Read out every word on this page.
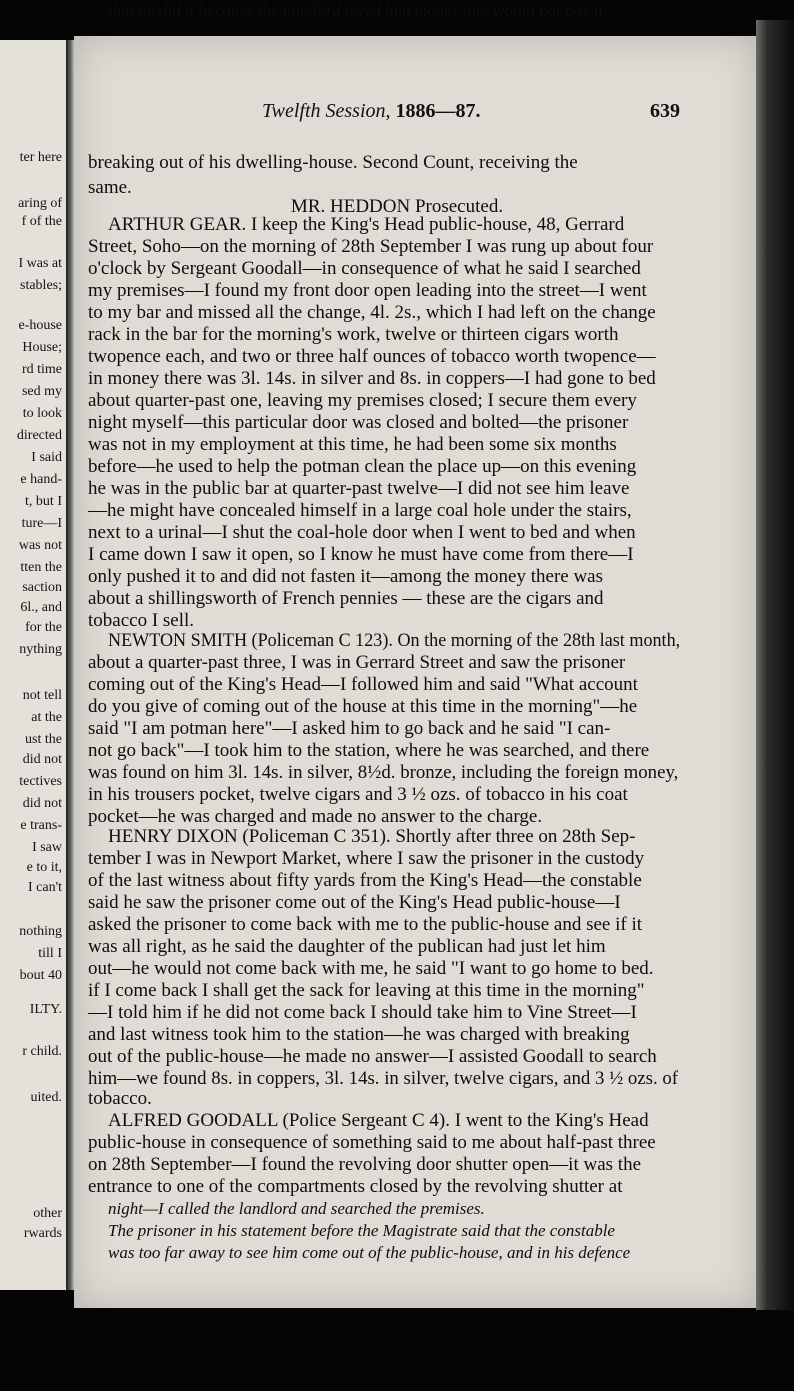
ter here
aring of
f of the
I was at
stables;
e-house
House;
rd time
sed my
to look
directed
I said
e hand-
t, but I
ture—I
was not
tten the
saction
6l., and
for the
nything
not tell
at the
ust the
did not
tectives
did not
e trans-
I saw
e to it,
I can't
nothing
till I
bout 40
ILTY.
r child.
uited.
other
rwards
Twelfth Session, 1886—87.	639
breaking out of his dwelling-house. Second Count, receiving the
same.
MR. HEDDON Prosecuted.
ARTHUR GEAR. I keep the King's Head public-house, 48, Gerrard
Street, Soho—on the morning of 28th September I was rung up about four
o'clock by Sergeant Goodall—in consequence of what he said I searched
my premises—I found my front door open leading into the street—I went
to my bar and missed all the change, 4l. 2s., which I had left on the change
rack in the bar for the morning's work, twelve or thirteen cigars worth
twopence each, and two or three half ounces of tobacco worth twopence—
in money there was 3l. 14s. in silver and 8s. in coppers—I had gone to bed
about quarter-past one, leaving my premises closed; I secure them every
night myself—this particular door was closed and bolted—the prisoner
was not in my employment at this time, he had been some six months
before—he used to help the potman clean the place up—on this evening
he was in the public bar at quarter-past twelve—I did not see him leave
—he might have concealed himself in a large coal hole under the stairs,
next to a urinal—I shut the coal-hole door when I went to bed and when
I came down I saw it open, so I know he must have come from there—I
only pushed it to and did not fasten it—among the money there was
about a shillingsworth of French pennies — these are the cigars and
tobacco I sell.
NEWTON SMITH (Policeman C 123). On the morning of the 28th last month,
about a quarter-past three, I was in Gerrard Street and saw the prisoner
coming out of the King's Head—I followed him and said "What account
do you give of coming out of the house at this time in the morning"—he
said "I am potman here"—I asked him to go back and he said "I can-
not go back"—I took him to the station, where he was searched, and there
was found on him 3l. 14s. in silver, 8½d. bronze, including the foreign money,
in his trousers pocket, twelve cigars and 3 ½ ozs. of tobacco in his coat
pocket—he was charged and made no answer to the charge.
HENRY DIXON (Policeman C 351). Shortly after three on 28th Sep-
tember I was in Newport Market, where I saw the prisoner in the custody
of the last witness about fifty yards from the King's Head—the constable
said he saw the prisoner come out of the King's Head public-house—I
asked the prisoner to come back with me to the public-house and see if it
was all right, as he said the daughter of the publican had just let him
out—he would not come back with me, he said "I want to go home to bed.
if I come back I shall get the sack for leaving at this time in the morning"
—I told him if he did not come back I should take him to Vine Street—I
and last witness took him to the station—he was charged with breaking
out of the public-house—he made no answer—I assisted Goodall to search
him—we found 8s. in coppers, 3l. 14s. in silver, twelve cigars, and 3 ½ ozs. of
tobacco.
ALFRED GOODALL (Police Sergeant C 4). I went to the King's Head
public-house in consequence of something said to me about half-past three
on 28th September—I found the revolving door shutter open—it was the
entrance to one of the compartments closed by the revolving shutter at
night—I called the landlord and searched the premises.
The prisoner in his statement before the Magistrate said that the constable
was too far away to see him come out of the public-house, and in his defence
that he did it because the landlord owed him money and would not pay it.
